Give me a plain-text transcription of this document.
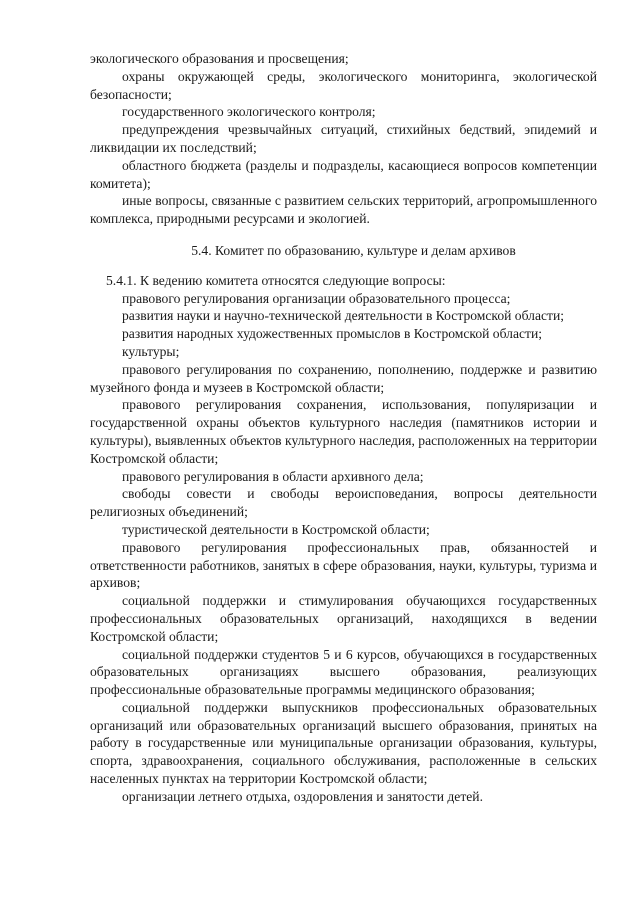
экологического образования и просвещения;

охраны окружающей среды, экологического мониторинга, экологической безопасности;

государственного экологического контроля;

предупреждения чрезвычайных ситуаций, стихийных бедствий, эпидемий и ликвидации их последствий;

областного бюджета (разделы и подразделы, касающиеся вопросов компетенции комитета);

иные вопросы, связанные с развитием сельских территорий, агропромышленного комплекса, природными ресурсами и экологией.

5.4. Комитет по образованию, культуре и делам архивов

5.4.1. К ведению комитета относятся следующие вопросы:

правового регулирования организации образовательного процесса;

развития науки и научно-технической деятельности в Костромской области;

развития народных художественных промыслов в Костромской области;

культуры;

правового регулирования по сохранению, пополнению, поддержке и развитию музейного фонда и музеев в Костромской области;

правового регулирования сохранения, использования, популяризации и государственной охраны объектов культурного наследия (памятников истории и культуры), выявленных объектов культурного наследия, расположенных на территории Костромской области;

правового регулирования в области архивного дела;

свободы совести и свободы вероисповедания, вопросы деятельности религиозных объединений;

туристической деятельности в Костромской области;

правового регулирования профессиональных прав, обязанностей и ответственности работников, занятых в сфере образования, науки, культуры, туризма и архивов;

социальной поддержки и стимулирования обучающихся государственных профессиональных образовательных организаций, находящихся в ведении Костромской области;

социальной поддержки студентов 5 и 6 курсов, обучающихся в государственных образовательных организациях высшего образования, реализующих профессиональные образовательные программы медицинского образования;

социальной поддержки выпускников профессиональных образовательных организаций или образовательных организаций высшего образования, принятых на работу в государственные или муниципальные организации образования, культуры, спорта, здравоохранения, социального обслуживания, расположенные в сельских населенных пунктах на территории Костромской области;

организации летнего отдыха, оздоровления и занятости детей.
